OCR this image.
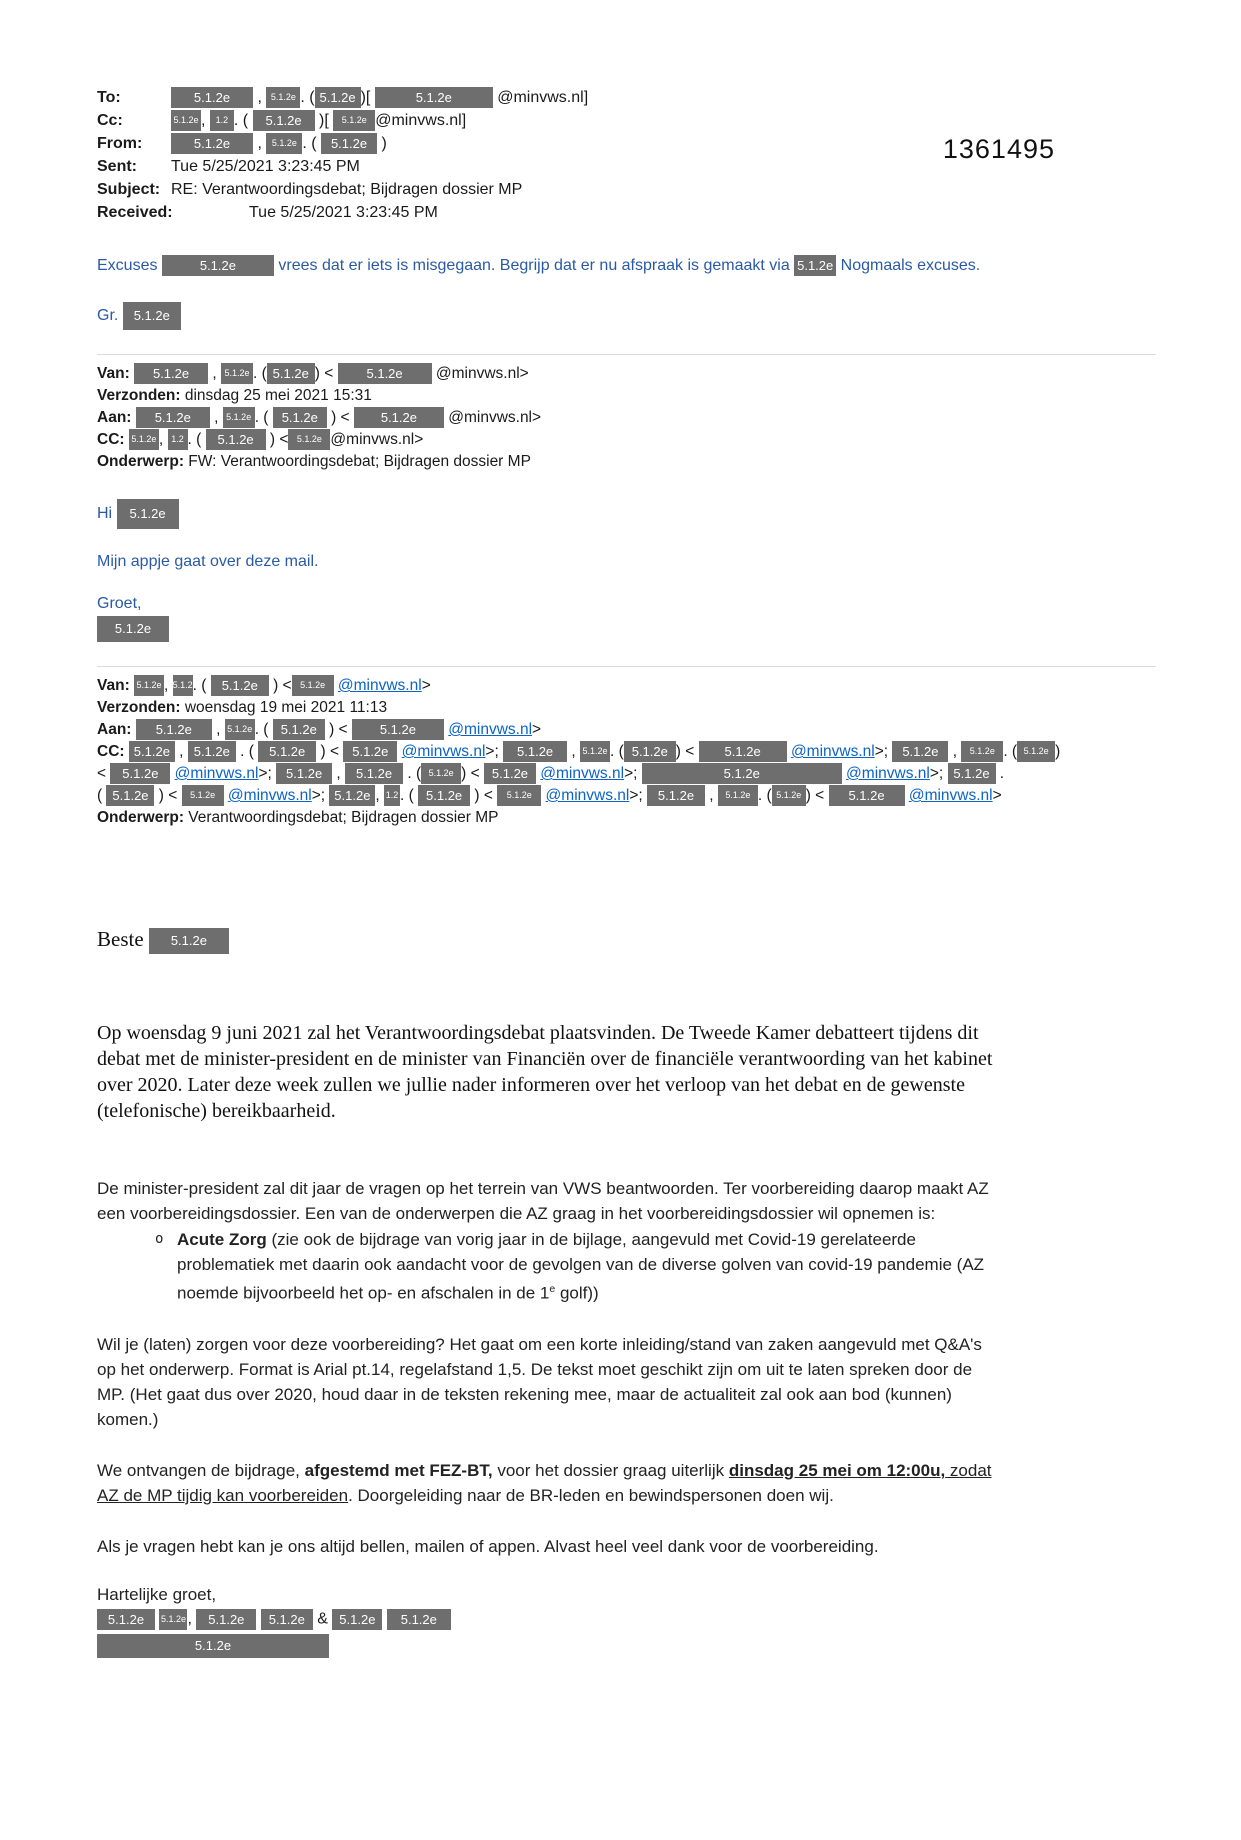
1361495
To:	5.1.2e , 5.1.2e . ( 5.1.2e )[	5.1.2e	@minvws.nl]
Cc:	5.1.2e , 1.2 . ( 5.1.2e )[ 5.1.2e @minvws.nl]
From:	5.1.2e , 5.1.2e . ( 5.1.2e )
Sent: Tue 5/25/2021 3:23:45 PM
Subject: RE: Verantwoordingsdebat; Bijdragen dossier MP
Received:	Tue 5/25/2021 3:23:45 PM
Excuses	5.1.2e vrees dat er iets is misgegaan. Begrijp dat er nu afspraak is gemaakt via 5.1.2e Nogmaals excuses.
Gr. 5.1.2e
Van: 5.1.2e , 5.1.2e . ( 5.1.2e ) < 5.1.2e @minvws.nl>
Verzonden: dinsdag 25 mei 2021 15:31
Aan: 5.1.2e , 5.1.2e . ( 5.1.2e ) < 5.1.2e @minvws.nl>
CC: 5.1.2e , 1.2 . ( 5.1.2e ) < 5.1.2e @minvws.nl>
Onderwerp: FW: Verantwoordingsdebat; Bijdragen dossier MP
Hi 5.1.2e
Mijn appje gaat over deze mail.
Groet,
5.1.2e
Van: 5.1.2e , 5.1.2e. ( 5.1.2e ) < 5.1.2e @minvws.nl>
Verzonden: woensdag 19 mei 2021 11:13
Aan: 5.1.2e , 5.1.2e . ( 5.1.2e ) < 5.1.2e @minvws.nl>
CC: 5.1.2e , 5.1.2e . ( 5.1.2e ) < 5.1.2e @minvws.nl>; 5.1.2e , 5.1.2e . ( 5.1.2e ) < 5.1.2e @minvws.nl>; 5.1.2e , 5.1.2e . ( 5.1.2e )
< 5.1.2e @minvws.nl>; 5.1.2e , 5.1.2e . ( 5.1.2e ) < 5.1.2e @minvws.nl>;	5.1.2e	@minvws.nl>; 5.1.2e .
( 5.1.2e ) < 5.1.2e @minvws.nl>; 5.1.2e , 1.2 . ( 5.1.2e ) < 5.1.2e @minvws.nl>; 5.1.2e , 5.1.2e . ( 5.1.2e ) < 5.1.2e @minvws.nl>
Onderwerp: Verantwoordingsdebat; Bijdragen dossier MP
Beste 5.1.2e
Op woensdag 9 juni 2021 zal het Verantwoordingsdebat plaatsvinden. De Tweede Kamer debatteert tijdens dit debat met de minister-president en de minister van Financiën over de financiële verantwoording van het kabinet over 2020. Later deze week zullen we jullie nader informeren over het verloop van het debat en de gewenste (telefonische) bereikbaarheid.
De minister-president zal dit jaar de vragen op het terrein van VWS beantwoorden. Ter voorbereiding daarop maakt AZ een voorbereidingsdossier. Een van de onderwerpen die AZ graag in het voorbereidingsdossier wil opnemen is:
o Acute Zorg (zie ook de bijdrage van vorig jaar in de bijlage, aangevuld met Covid-19 gerelateerde problematiek met daarin ook aandacht voor de gevolgen van de diverse golven van covid-19 pandemie (AZ noemde bijvoorbeeld het op- en afschalen in de 1e golf))
Wil je (laten) zorgen voor deze voorbereiding? Het gaat om een korte inleiding/stand van zaken aangevuld met Q&A's op het onderwerp. Format is Arial pt.14, regelafstand 1,5. De tekst moet geschikt zijn om uit te laten spreken door de MP. (Het gaat dus over 2020, houd daar in de teksten rekening mee, maar de actualiteit zal ook aan bod (kunnen) komen.)
We ontvangen de bijdrage, afgestemd met FEZ-BT, voor het dossier graag uiterlijk dinsdag 25 mei om 12:00u, zodat AZ de MP tijdig kan voorbereiden. Doorgeleiding naar de BR-leden en bewindspersonen doen wij.
Als je vragen hebt kan je ons altijd bellen, mailen of appen. Alvast heel veel dank voor de voorbereiding.
Hartelijke groet,
5.1.2e 5.1.2e, 5.1.2e 5.1.2e & 5.1.2e 5.1.2e
5.1.2e
